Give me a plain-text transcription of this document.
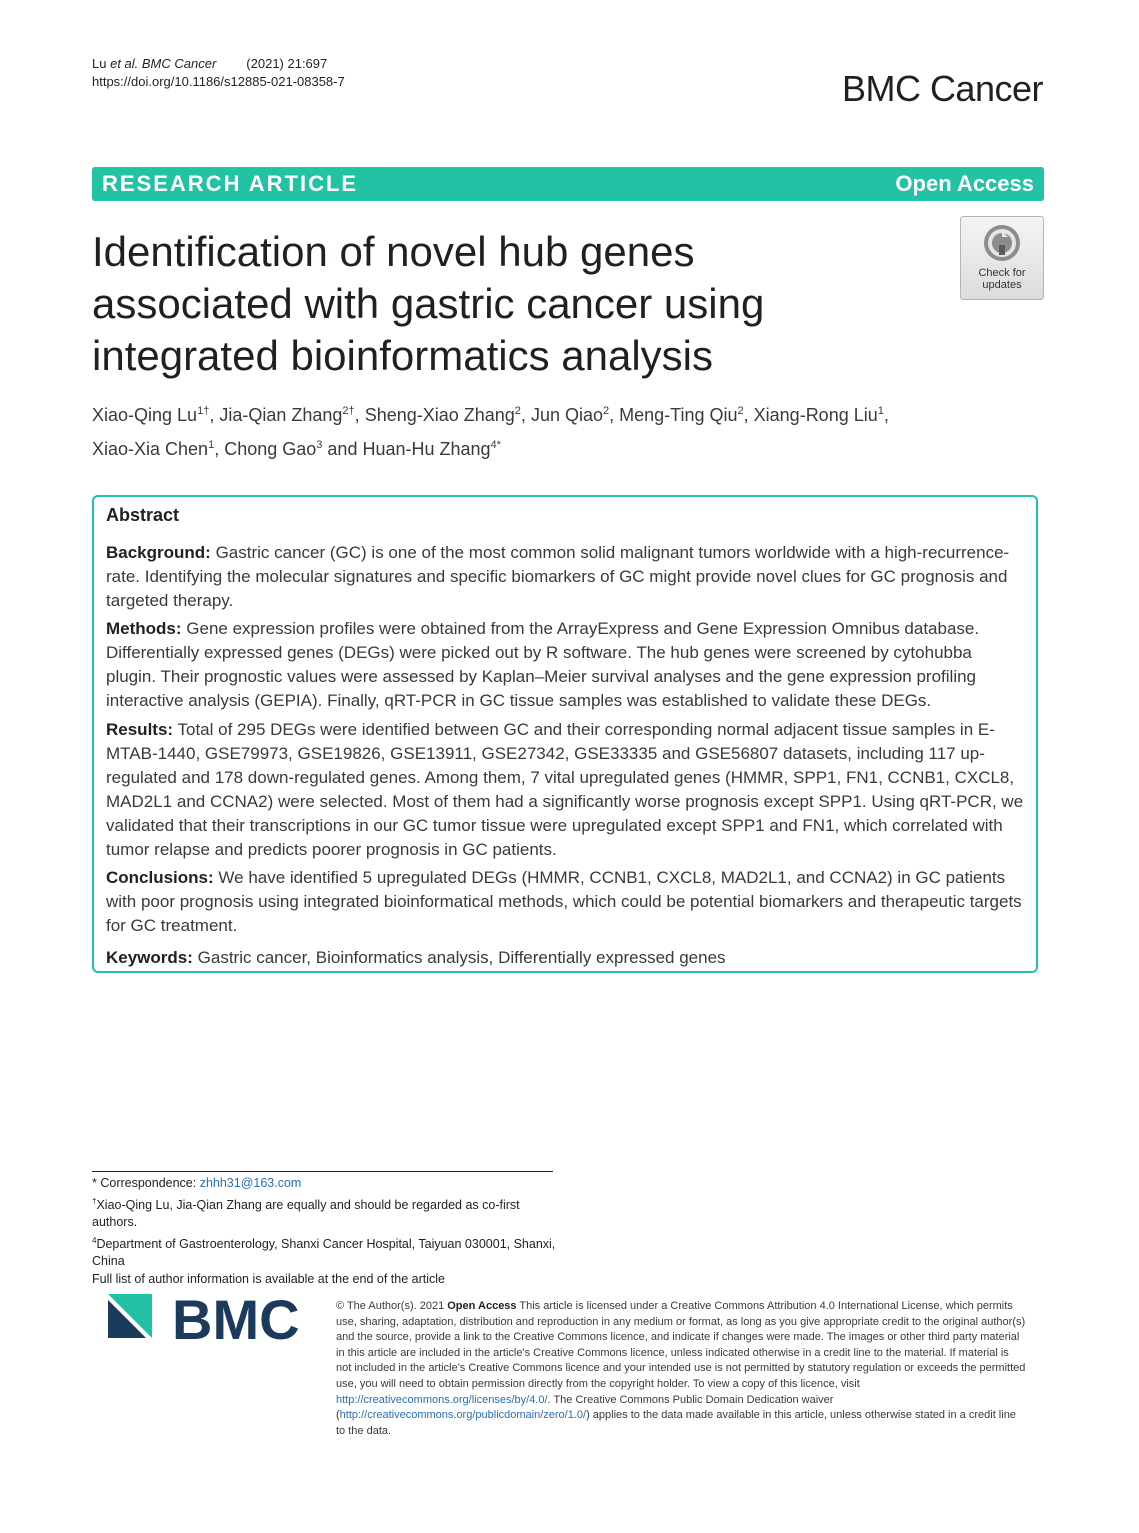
Lu et al. BMC Cancer (2021) 21:697
https://doi.org/10.1186/s12885-021-08358-7	BMC Cancer
RESEARCH ARTICLE	Open Access
Identification of novel hub genes
associated with gastric cancer using
integrated bioinformatics analysis
Check for
updates
Xiao-Qing $Lu^{1\dagger}$, Jia-Qian Zhang$^{2\dagger}$, Sheng-Xiao Zhang$^2$, Jun Qiao$^2$, Meng-Ting Qiu$^2$, Xiang-Rong Liu$^1$,
Xiao-Xia Chen$^1$, Chong Gao$^3$ and Huan-Hu Zhang$^{4*}$
Abstract
Background: Gastric cancer (GC) is one of the most common solid malignant tumors worldwide with a high-recurrence-rate. Identifying the molecular signatures and specific biomarkers of GC might provide novel clues for GC prognosis and targeted therapy.
Methods: Gene expression profiles were obtained from the ArrayExpress and Gene Expression Omnibus database. Differentially expressed genes (DEGs) were picked out by R software. The hub genes were screened by cytohubba plugin. Their prognostic values were assessed by Kaplan–Meier survival analyses and the gene expression profiling interactive analysis (GEPIA). Finally, qRT-PCR in GC tissue samples was established to validate these DEGs.
Results: Total of 295 DEGs were identified between GC and their corresponding normal adjacent tissue samples in E-MTAB-1440, GSE79973, GSE19826, GSE13911, GSE27342, GSE33335 and GSE56807 datasets, including 117 up-regulated and 178 down-regulated genes. Among them, 7 vital upregulated genes (HMMR, SPP1, FN1, CCNB1, CXCL8, MAD2L1 and CCNA2) were selected. Most of them had a significantly worse prognosis except SPP1. Using qRT-PCR, we validated that their transcriptions in our GC tumor tissue were upregulated except SPP1 and FN1, which correlated with tumor relapse and predicts poorer prognosis in GC patients.
Conclusions: We have identified 5 upregulated DEGs (HMMR, CCNB1, CXCL8, MAD2L1, and CCNA2) in GC patients with poor prognosis using integrated bioinformatical methods, which could be potential biomarkers and therapeutic targets for GC treatment.
Keywords: Gastric cancer, Bioinformatics analysis, Differentially expressed genes
* Correspondence: zhhh31@163.com
†Xiao-Qing Lu, Jia-Qian Zhang are equally and should be regarded as co-first authors.
$^4$Department of Gastroenterology, Shanxi Cancer Hospital, Taiyuan 030001, Shanxi, China
Full list of author information is available at the end of the article
BMC	© The Author(s). 2021 Open Access This article is licensed under a Creative Commons Attribution 4.0 International License, which permits use, sharing, adaptation, distribution and reproduction in any medium or format, as long as you give appropriate credit to the original author(s) and the source, provide a link to the Creative Commons licence, and indicate if changes were made. The images or other third party material in this article are included in the article's Creative Commons licence, unless indicated otherwise in a credit line to the material. If material is not included in the article's Creative Commons licence and your intended use is not permitted by statutory regulation or exceeds the permitted use, you will need to obtain permission directly from the copyright holder. To view a copy of this licence, visit http://creativecommons.org/licenses/by/4.0/. The Creative Commons Public Domain Dedication waiver (http://creativecommons.org/publicdomain/zero/1.0/) applies to the data made available in this article, unless otherwise stated in a credit line to the data.
